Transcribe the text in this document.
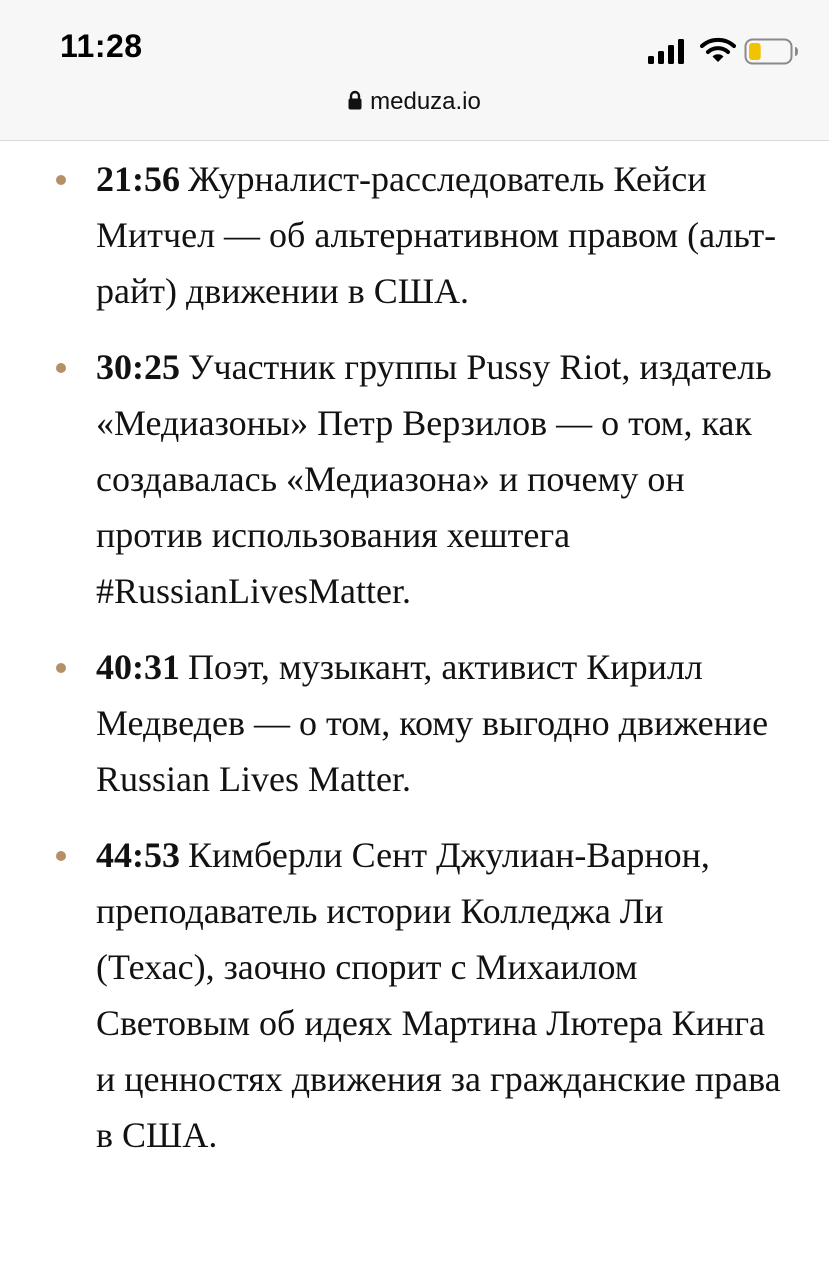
11:28
meduza.io
21:56 Журналист-расследователь Кейси Митчел — об альтернативном правом (альт-райт) движении в США.
30:25 Участник группы Pussy Riot, издатель «Медиазоны» Петр Верзилов — о том, как создавалась «Медиазона» и почему он против использования хештега #RussianLivesMatter.
40:31 Поэт, музыкант, активист Кирилл Медведев — о том, кому выгодно движение Russian Lives Matter.
44:53 Кимберли Сент Джулиан-Варнон, преподаватель истории Колледжа Ли (Техас), заочно спорит с Михаилом Световым об идеях Мартина Лютера Кинга и ценностях движения за гражданские права в США.
